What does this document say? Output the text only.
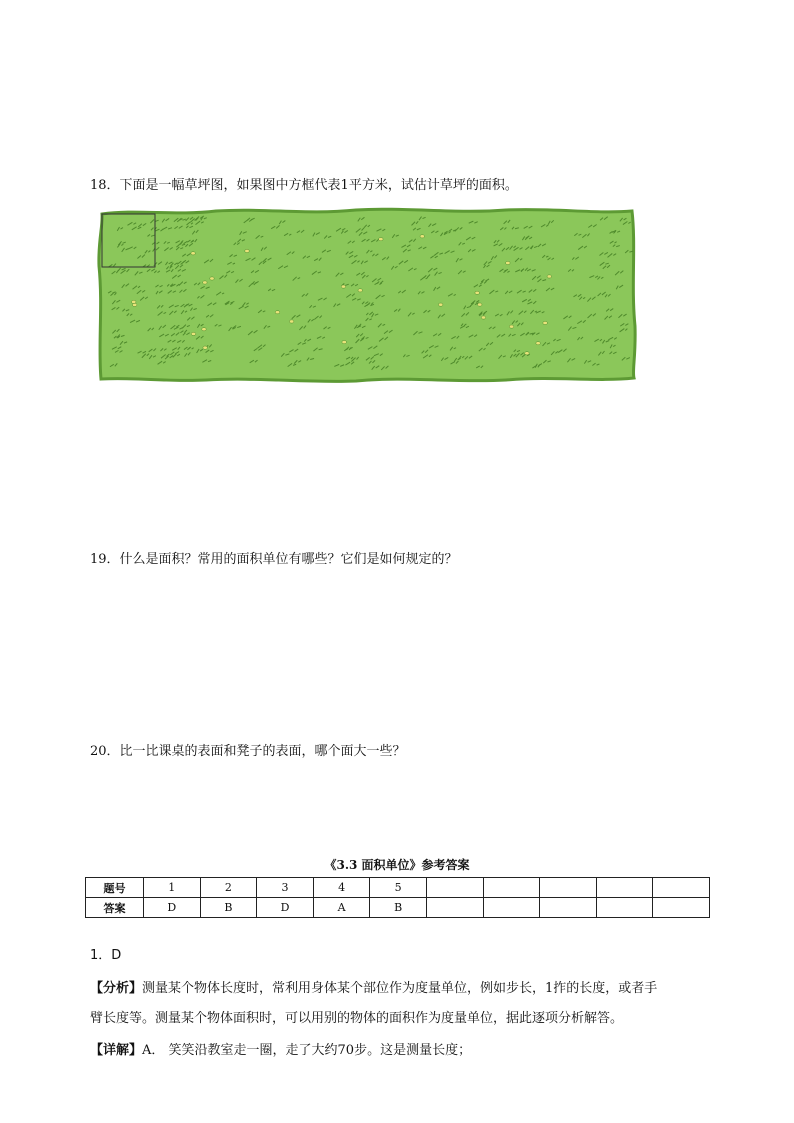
18．下面是一幅草坪图，如果图中方框代表1平方米，试估计草坪的面积。
19．什么是面积？常用的面积单位有哪些？它们是如何规定的？
20．比一比课桌的表面和凳子的表面，哪个面大一些？
《3.3 面积单位》参考答案
题号	1	2	3	4	5					
答案	D	B	D	A	B					
1．D
【分析】测量某个物体长度时，常利用身体某个部位作为度量单位，例如步长，1拃的长度，或者手
臂长度等。测量某个物体面积时，可以用别的物体的面积作为度量单位，据此逐项分析解答。
【详解】A． 笑笑沿教室走一圈，走了大约70步。这是测量长度；
